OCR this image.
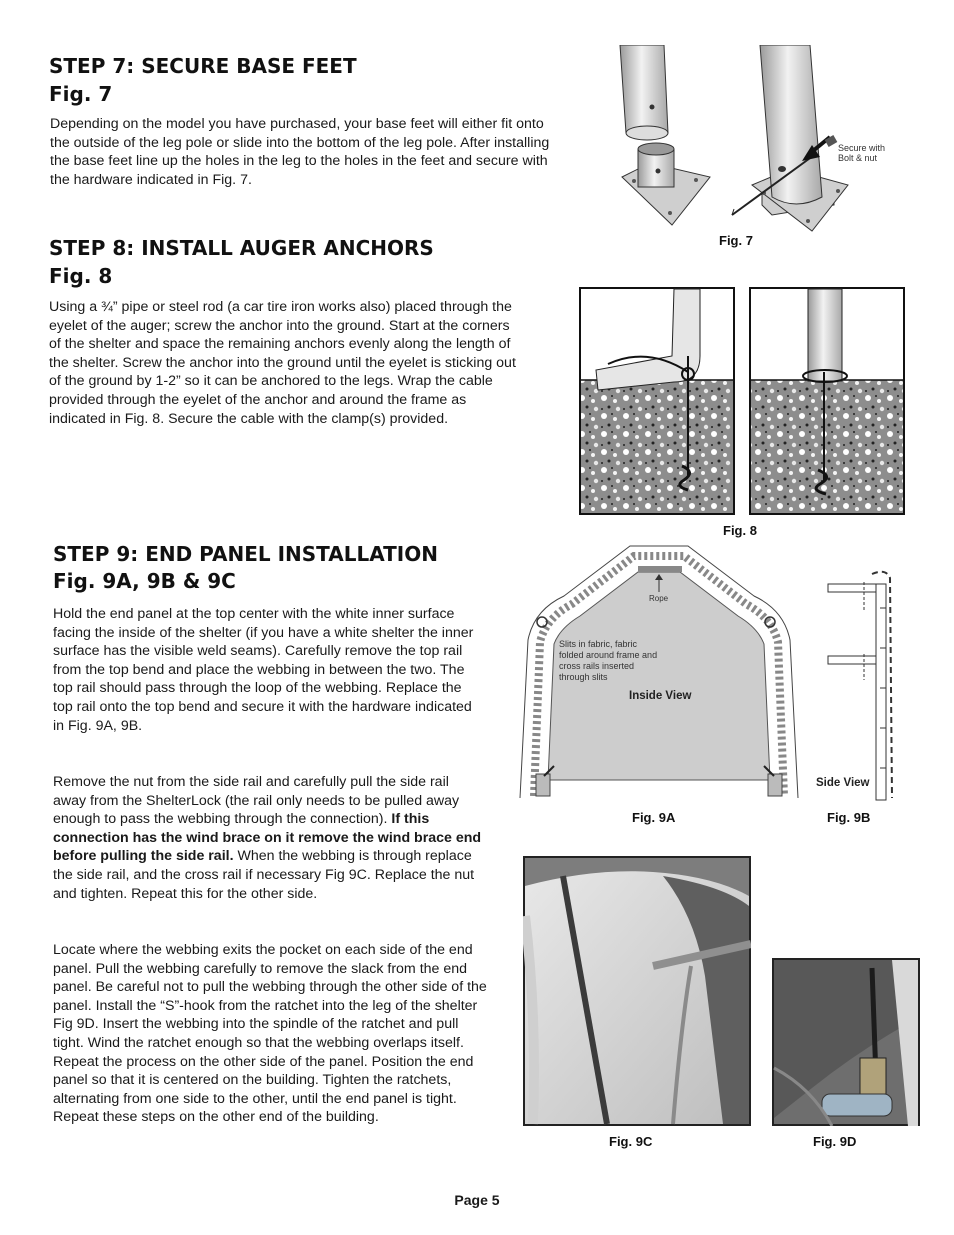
STEP 7: SECURE BASE FEET
Fig. 7

Depending on the model you have purchased, your base feet will either fit onto the outside of the leg pole or slide into the bottom of the leg pole. After installing the base feet line up the holes in the leg to the holes in the feet and secure with the hardware indicated in Fig. 7.

Secure with
Bolt & nut
Fig. 7
STEP 8: INSTALL AUGER ANCHORS
Fig. 8

Using a ¾” pipe or steel rod (a car tire iron works also) placed through the eyelet of the auger; screw the anchor into the ground. Start at the corners of the shelter and space the remaining anchors evenly along the length of the shelter. Screw the anchor into the ground until the eyelet is sticking out of the ground by 1-2” so it can be anchored to the legs. Wrap the cable provided through the eyelet of the anchor and around the frame as indicated in Fig. 8. Secure the cable with the clamp(s) provided.

Fig. 8
STEP 9: END PANEL INSTALLATION
Fig. 9A, 9B & 9C

Hold the end panel at the top center with the white inner surface facing the inside of the shelter (if you have a white shelter the inner surface has the visible weld seams). Carefully remove the top rail from the top bend and place the webbing in between the two. The top rail should pass through the loop of the webbing. Replace the top rail onto the top bend and secure it with the hardware indicated in Fig. 9A, 9B.

Remove the nut from the side rail and carefully pull the side rail away from the ShelterLock (the rail only needs to be pulled away enough to pass the webbing through the connection). If this connection has the wind brace on it remove the wind brace end before pulling the side rail. When the webbing is through replace the side rail, and the cross rail if necessary Fig 9C. Replace the nut and tighten. Repeat this for the other side.

Locate where the webbing exits the pocket on each side of the end panel. Pull the webbing carefully to remove the slack from the end panel. Be careful not to pull the webbing through the other side of the panel. Install the “S”-hook from the ratchet into the leg of the shelter Fig 9D. Insert the webbing into the spindle of the ratchet and pull tight. Wind the ratchet enough so that the webbing overlaps itself. Repeat the process on the other side of the panel. Position the end panel so that it is centered on the building. Tighten the ratchets, alternating from one side to the other, until the end panel is tight. Repeat these steps on the other end of the building.

Rope
Slits in fabric, fabric
folded around frame and
cross rails inserted
through slits
Inside View
Fig. 9A
Side View
Fig. 9B
Fig. 9C	Fig. 9D
Page 5
